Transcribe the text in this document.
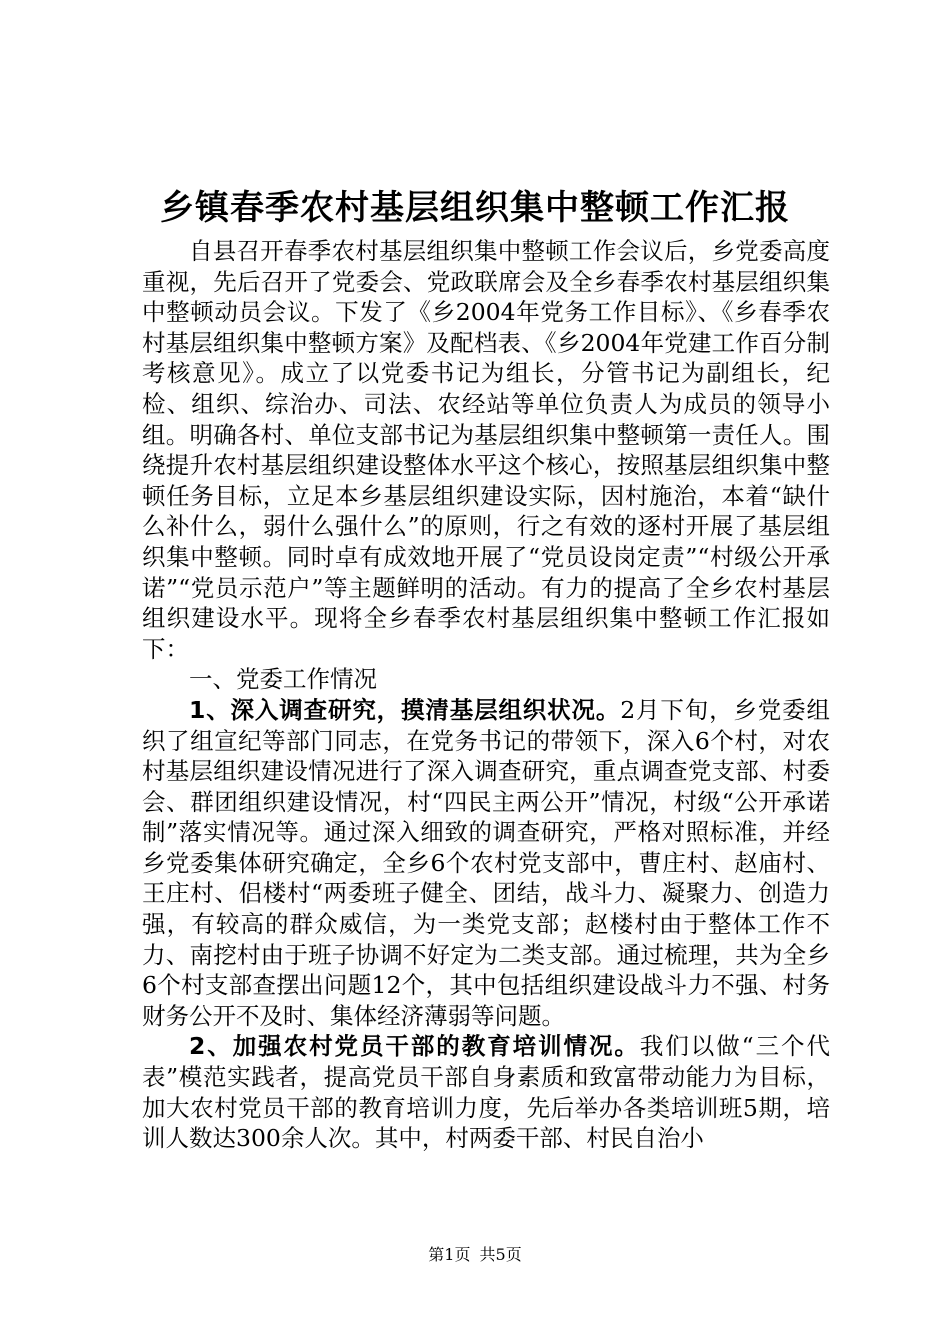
乡镇春季农村基层组织集中整顿工作汇报

自县召开春季农村基层组织集中整顿工作会议后，乡党委高度重视，先后召开了党委会、党政联席会及全乡春季农村基层组织集中整顿动员会议。下发了《乡2004年党务工作目标》、《乡春季农村基层组织集中整顿方案》及配档表、《乡2004年党建工作百分制考核意见》。成立了以党委书记为组长，分管书记为副组长，纪检、组织、综治办、司法、农经站等单位负责人为成员的领导小组。明确各村、单位支部书记为基层组织集中整顿第一责任人。围绕提升农村基层组织建设整体水平这个核心，按照基层组织集中整顿任务目标，立足本乡基层组织建设实际，因村施治，本着“缺什么补什么，弱什么强什么”的原则，行之有效的逐村开展了基层组织集中整顿。同时卓有成效地开展了“党员设岗定责”“村级公开承诺”“党员示范户”等主题鲜明的活动。有力的提高了全乡农村基层组织建设水平。现将全乡春季农村基层组织集中整顿工作汇报如下：

一、党委工作情况

1、深入调查研究，摸清基层组织状况。2月下旬，乡党委组织了组宣纪等部门同志，在党务书记的带领下，深入6个村，对农村基层组织建设情况进行了深入调查研究，重点调查党支部、村委会、群团组织建设情况，村“四民主两公开”情况，村级“公开承诺制”落实情况等。通过深入细致的调查研究，严格对照标准，并经乡党委集体研究确定，全乡6个农村党支部中，曹庄村、赵庙村、王庄村、侣楼村“两委班子健全、团结，战斗力、凝聚力、创造力强，有较高的群众威信，为一类党支部；赵楼村由于整体工作不力、南挖村由于班子协调不好定为二类支部。通过梳理，共为全乡6个村支部查摆出问题12个，其中包括组织建设战斗力不强、村务财务公开不及时、集体经济薄弱等问题。

2、加强农村党员干部的教育培训情况。我们以做“三个代表”模范实践者，提高党员干部自身素质和致富带动能力为目标，加大农村党员干部的教育培训力度，先后举办各类培训班5期，培训人数达300余人次。其中，村两委干部、村民自治小

第1页 共5页
